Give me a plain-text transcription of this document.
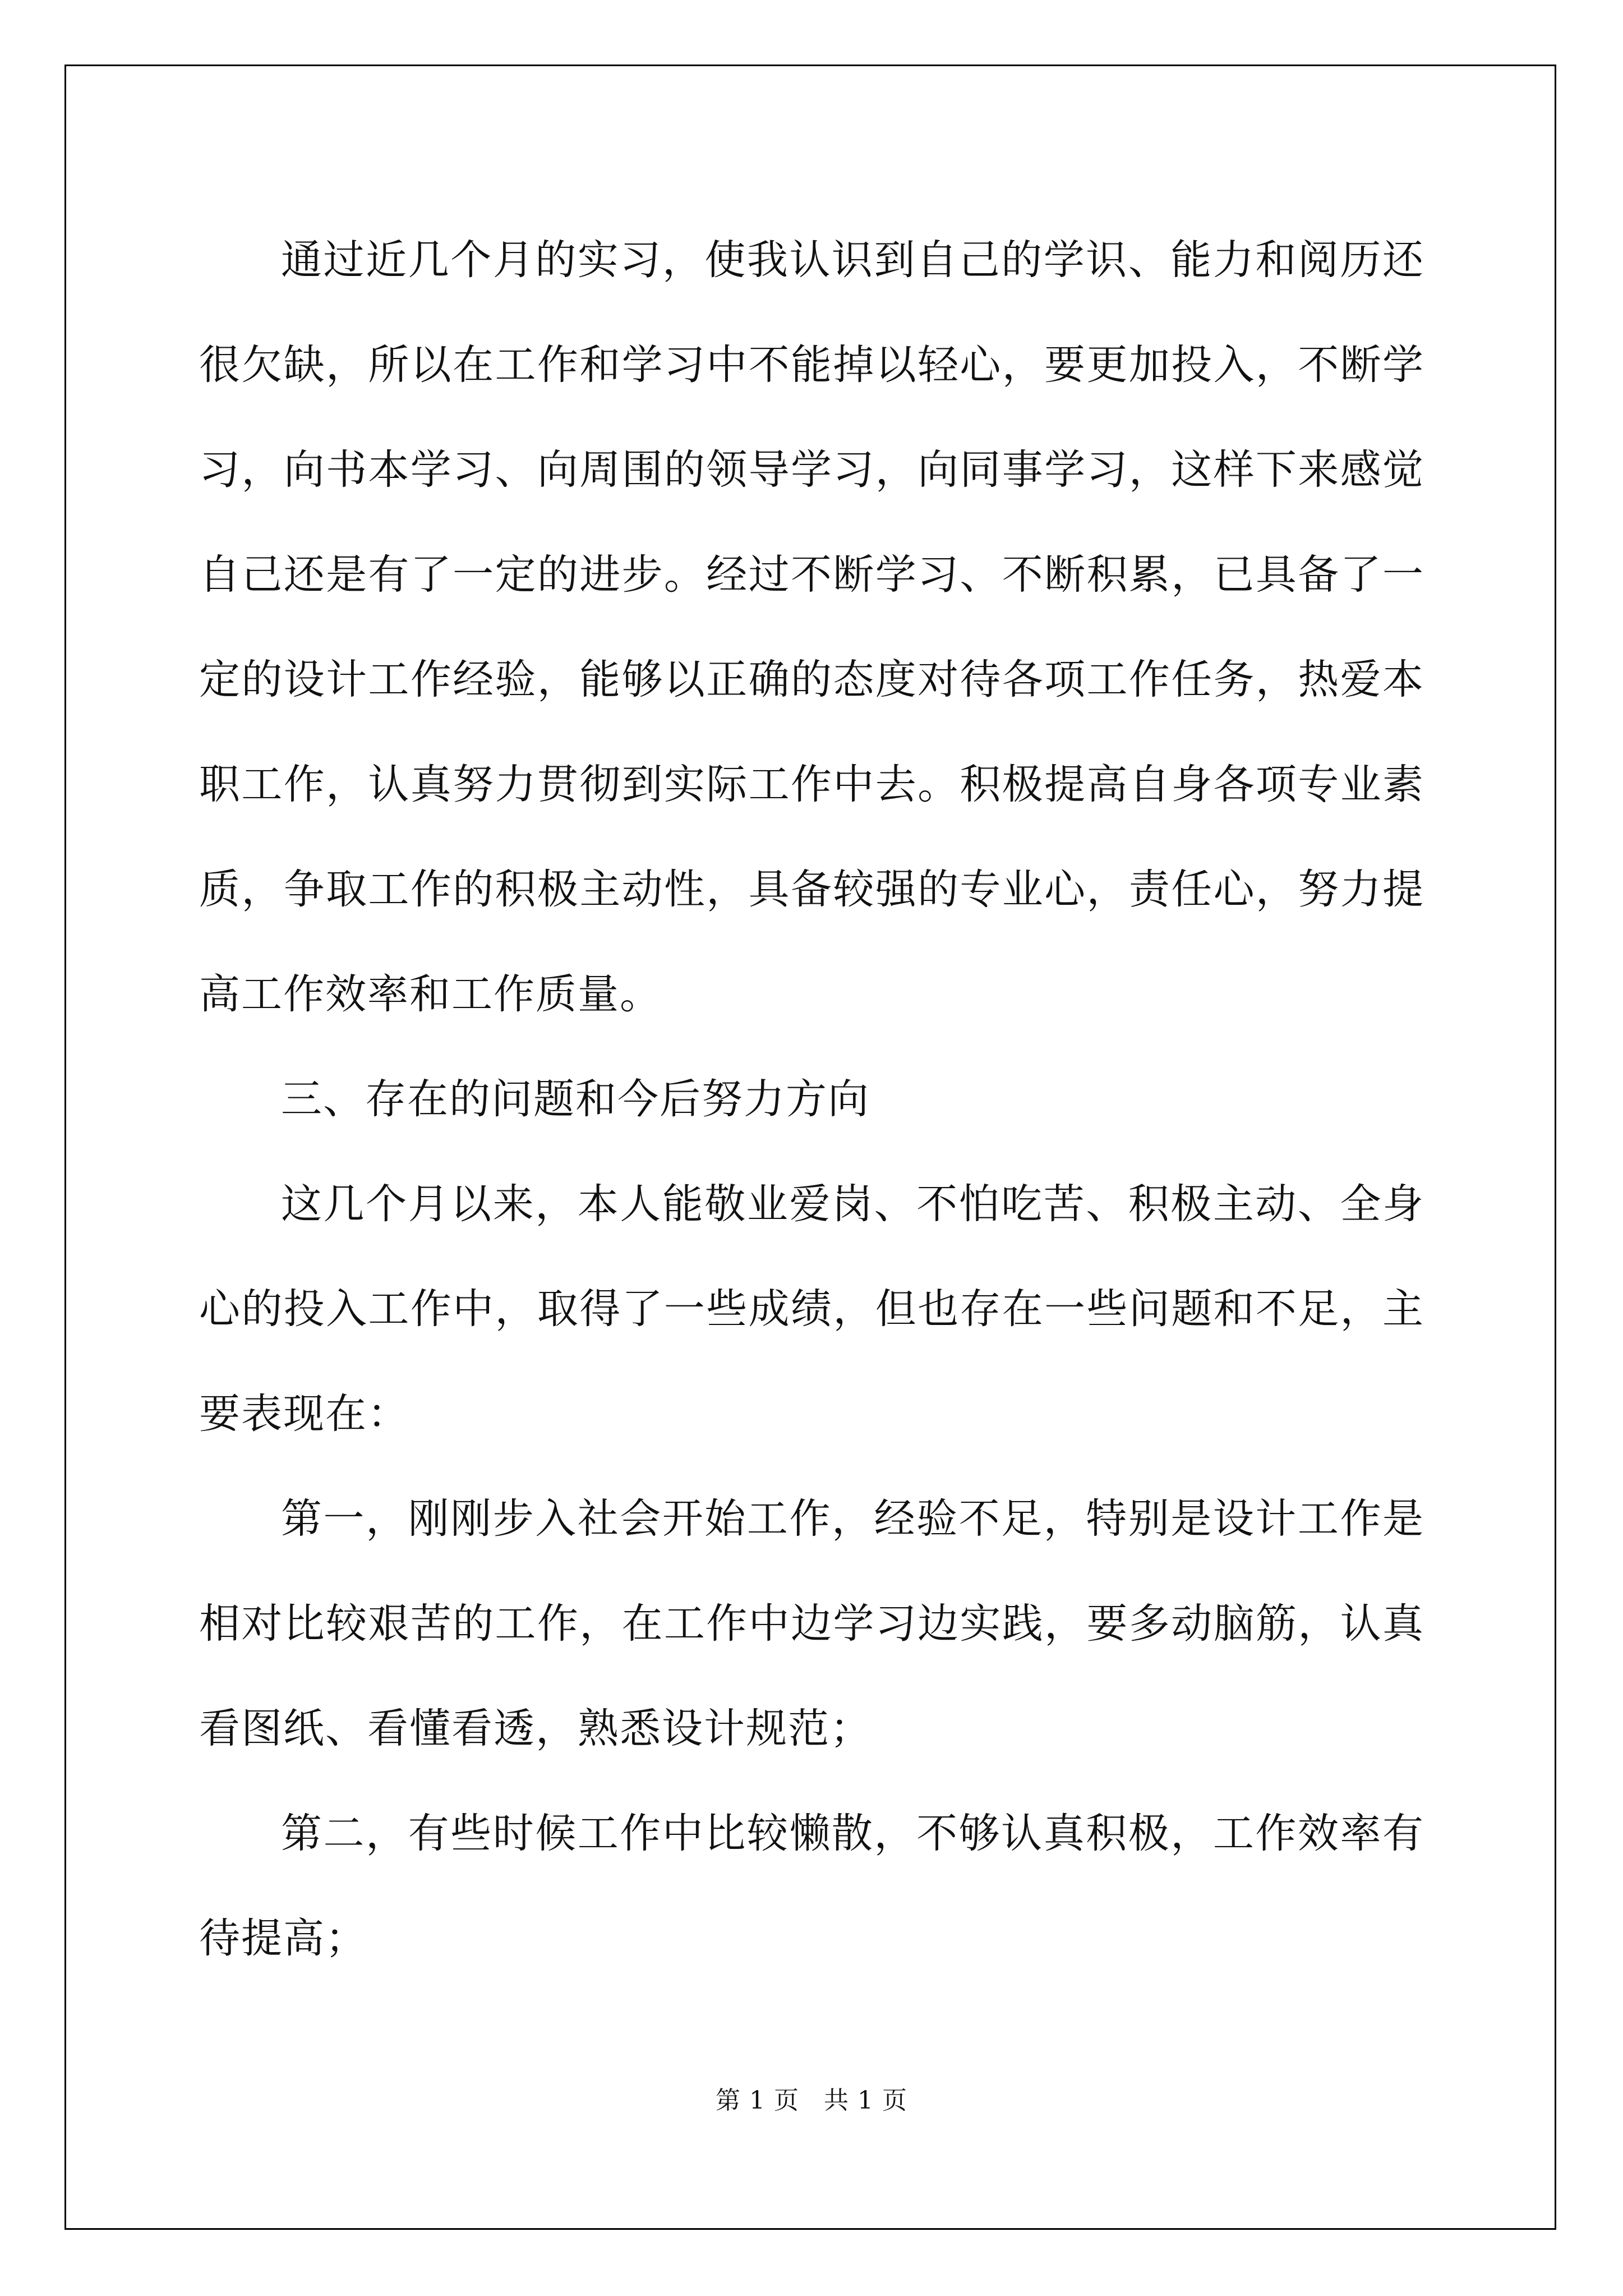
通过近几个月的实习，使我认识到自己的学识、能力和阅历还很欠缺，所以在工作和学习中不能掉以轻心，要更加投入，不断学习，向书本学习、向周围的领导学习，向同事学习，这样下来感觉自己还是有了一定的进步。经过不断学习、不断积累，已具备了一定的设计工作经验，能够以正确的态度对待各项工作任务，热爱本职工作，认真努力贯彻到实际工作中去。积极提高自身各项专业素质，争取工作的积极主动性，具备较强的专业心，责任心，努力提高工作效率和工作质量。

三、存在的问题和今后努力方向

这几个月以来，本人能敬业爱岗、不怕吃苦、积极主动、全身心的投入工作中，取得了一些成绩，但也存在一些问题和不足，主要表现在：

第一，刚刚步入社会开始工作，经验不足，特别是设计工作是相对比较艰苦的工作，在工作中边学习边实践，要多动脑筋，认真看图纸、看懂看透，熟悉设计规范；

第二，有些时候工作中比较懒散，不够认真积极，工作效率有待提高；

第 1 页 共 1 页
